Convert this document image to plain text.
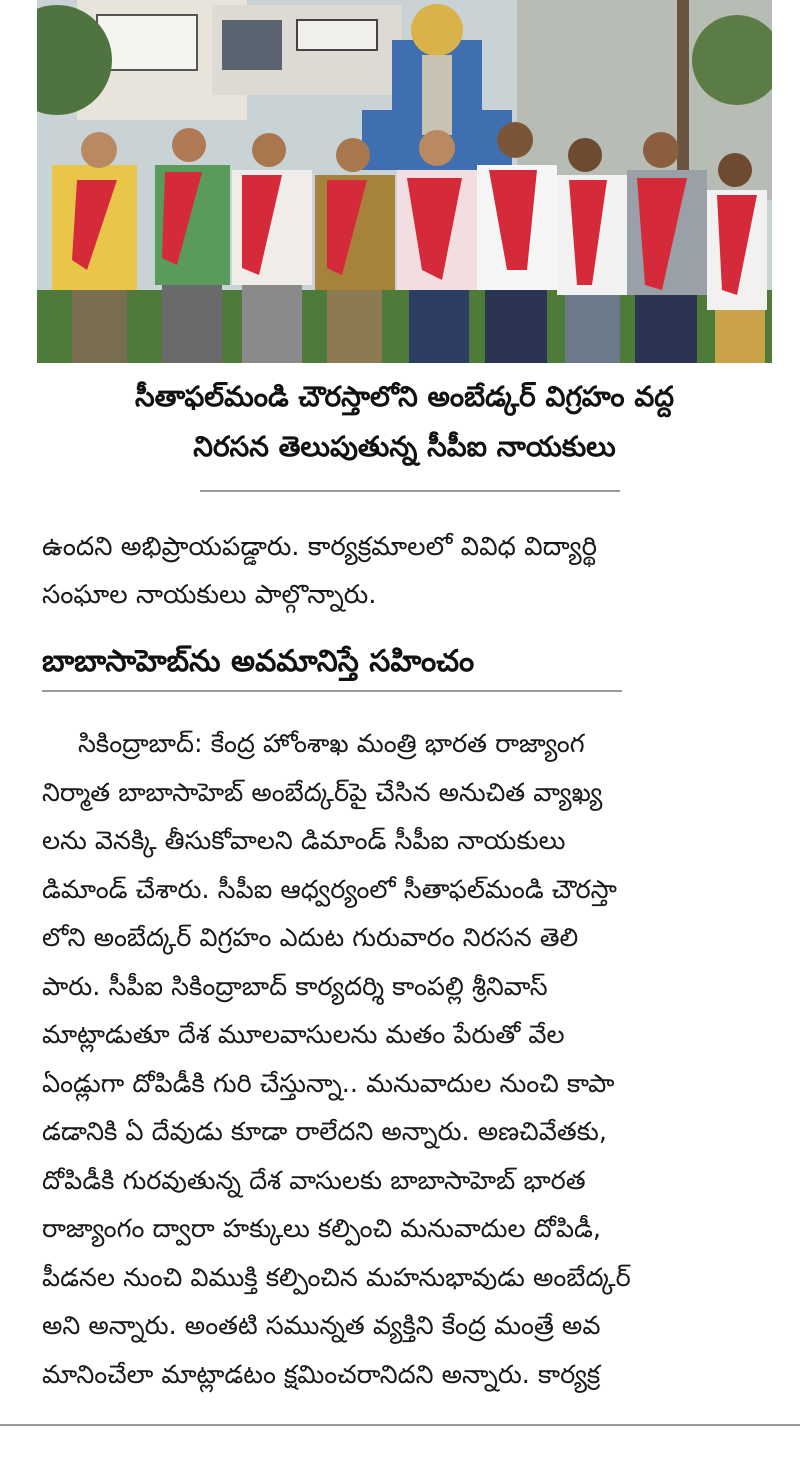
సీతాఫల్‌మండి చౌరస్తాలోని అంబేడ్కర్ విగ్రహం వద్ద
నిరసన తెలుపుతున్న సీపీఐ నాయకులు
ఉందని అభిప్రాయపడ్డారు. కార్యక్రమాలలో వివిధ విద్యార్థి
సంఘాల నాయకులు పాల్గొన్నారు.
బాబాసాహెబ్‌ను అవమానిస్తే సహించం
సికింద్రాబాద్: కేంద్ర హోంశాఖ మంత్రి భారత రాజ్యాంగ
నిర్మాత బాబాసాహెబ్ అంబేద్కర్‌పై చేసిన అనుచిత వ్యాఖ్య
లను వెనక్కి తీసుకోవాలని డిమాండ్ సీపీఐ నాయకులు
డిమాండ్ చేశారు. సీపీఐ ఆధ్వర్యంలో సీతాఫల్‌మండి చౌరస్తా
లోని అంబేద్కర్ విగ్రహం ఎదుట గురువారం నిరసన తెలి
పారు. సీపీఐ సికింద్రాబాద్ కార్యదర్శి కాంపల్లి శ్రీనివాస్
మాట్లాడుతూ దేశ మూలవాసులను మతం పేరుతో వేల
ఏండ్లుగా దోపిడీకి గురి చేస్తున్నా.. మనువాదుల నుంచి కాపా
డడానికి ఏ దేవుడు కూడా రాలేదని అన్నారు. అణచివేతకు,
దోపిడీకి గురవుతున్న దేశ వాసులకు బాబాసాహెబ్ భారత
రాజ్యాంగం ద్వారా హక్కులు కల్పించి మనువాదుల దోపిడీ,
పీడనల నుంచి విముక్తి కల్పించిన మహనుభావుడు అంబేద్కర్
అని అన్నారు. అంతటి సమున్నత వ్యక్తిని కేంద్ర మంత్రే అవ
మానించేలా మాట్లాడటం క్షమించరానిదని అన్నారు. కార్యక్ర
